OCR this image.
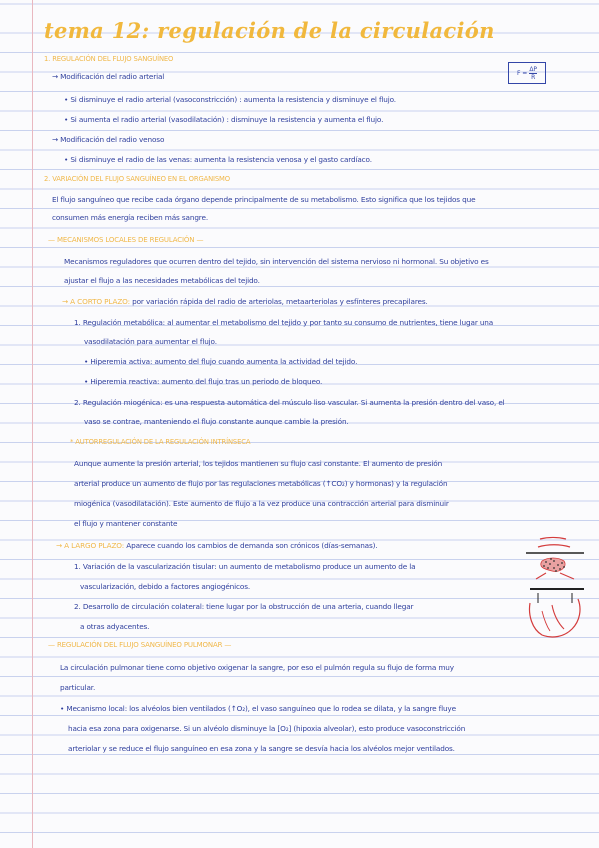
tema 12: regulación de la circulación
$F = \frac{\Delta P}{R}$

1. REGULACIÓN DEL FLUJO SANGUÍNEO

→ Modificación del radio arterial

• Si disminuye el radio arterial (vasoconstricción) : aumenta la resistencia y disminuye el flujo.

• Si aumenta el radio arterial (vasodilatación) : disminuye la resistencia y aumenta el flujo.

→ Modificación del radio venoso

• Si disminuye el radio de las venas: aumenta la resistencia venosa y el gasto cardíaco.

2. VARIACIÓN DEL FLUJO SANGUÍNEO EN EL ORGANISMO

El flujo sanguíneo que recibe cada órgano depende principalmente de su metabolismo. Esto significa que los tejidos que

consumen más energía reciben más sangre.

— MECANISMOS LOCALES DE REGULACIÓN —

Mecanismos reguladores que ocurren dentro del tejido, sin intervención del sistema nervioso ni hormonal. Su objetivo es

ajustar el flujo a las necesidades metabólicas del tejido.

→ A CORTO PLAZO: por variación rápida del radio de arteriolas, metaarteriolas y esfínteres precapilares.

1. Regulación metabólica: al aumentar el metabolismo del tejido y por tanto su consumo de nutrientes, tiene lugar una

vasodilatación para aumentar el flujo.

• Hiperemia activa: aumento del flujo cuando aumenta la actividad del tejido.

• Hiperemia reactiva: aumento del flujo tras un periodo de bloqueo.

2. Regulación miogénica: es una respuesta automática del músculo liso vascular. Si aumenta la presión dentro del vaso, el

vaso se contrae, manteniendo el flujo constante aunque cambie la presión.

* AUTORREGULACIÓN DE LA REGULACIÓN INTRÍNSECA

Aunque aumente la presión arterial, los tejidos mantienen su flujo casi constante. El aumento de presión

arterial produce un aumento de flujo por las regulaciones metabólicas (↑CO₂) y hormonas) y la regulación

miogénica (vasodilatación). Este aumento de flujo a la vez produce una contracción arterial para disminuir

el flujo y mantener constante

→ A LARGO PLAZO: Aparece cuando los cambios de demanda son crónicos (días-semanas).

1. Variación de la vascularización tisular: un aumento de metabolismo produce un aumento de la

vascularización, debido a factores angiogénicos.

2. Desarrollo de circulación colateral: tiene lugar por la obstrucción de una arteria, cuando llegar

a otras adyacentes.

— REGULACIÓN DEL FLUJO SANGUÍNEO PULMONAR —

La circulación pulmonar tiene como objetivo oxigenar la sangre, por eso el pulmón regula su flujo de forma muy

particular.

• Mecanismo local: los alvéolos bien ventilados (↑O₂), el vaso sanguíneo que lo rodea se dilata, y la sangre fluye

hacia esa zona para oxigenarse. Si un alvéolo disminuye la [O₂] (hipoxia alveolar), esto produce vasoconstricción

arteriolar y se reduce el flujo sanguíneo en esa zona y la sangre se desvía hacia los alvéolos mejor ventilados.
